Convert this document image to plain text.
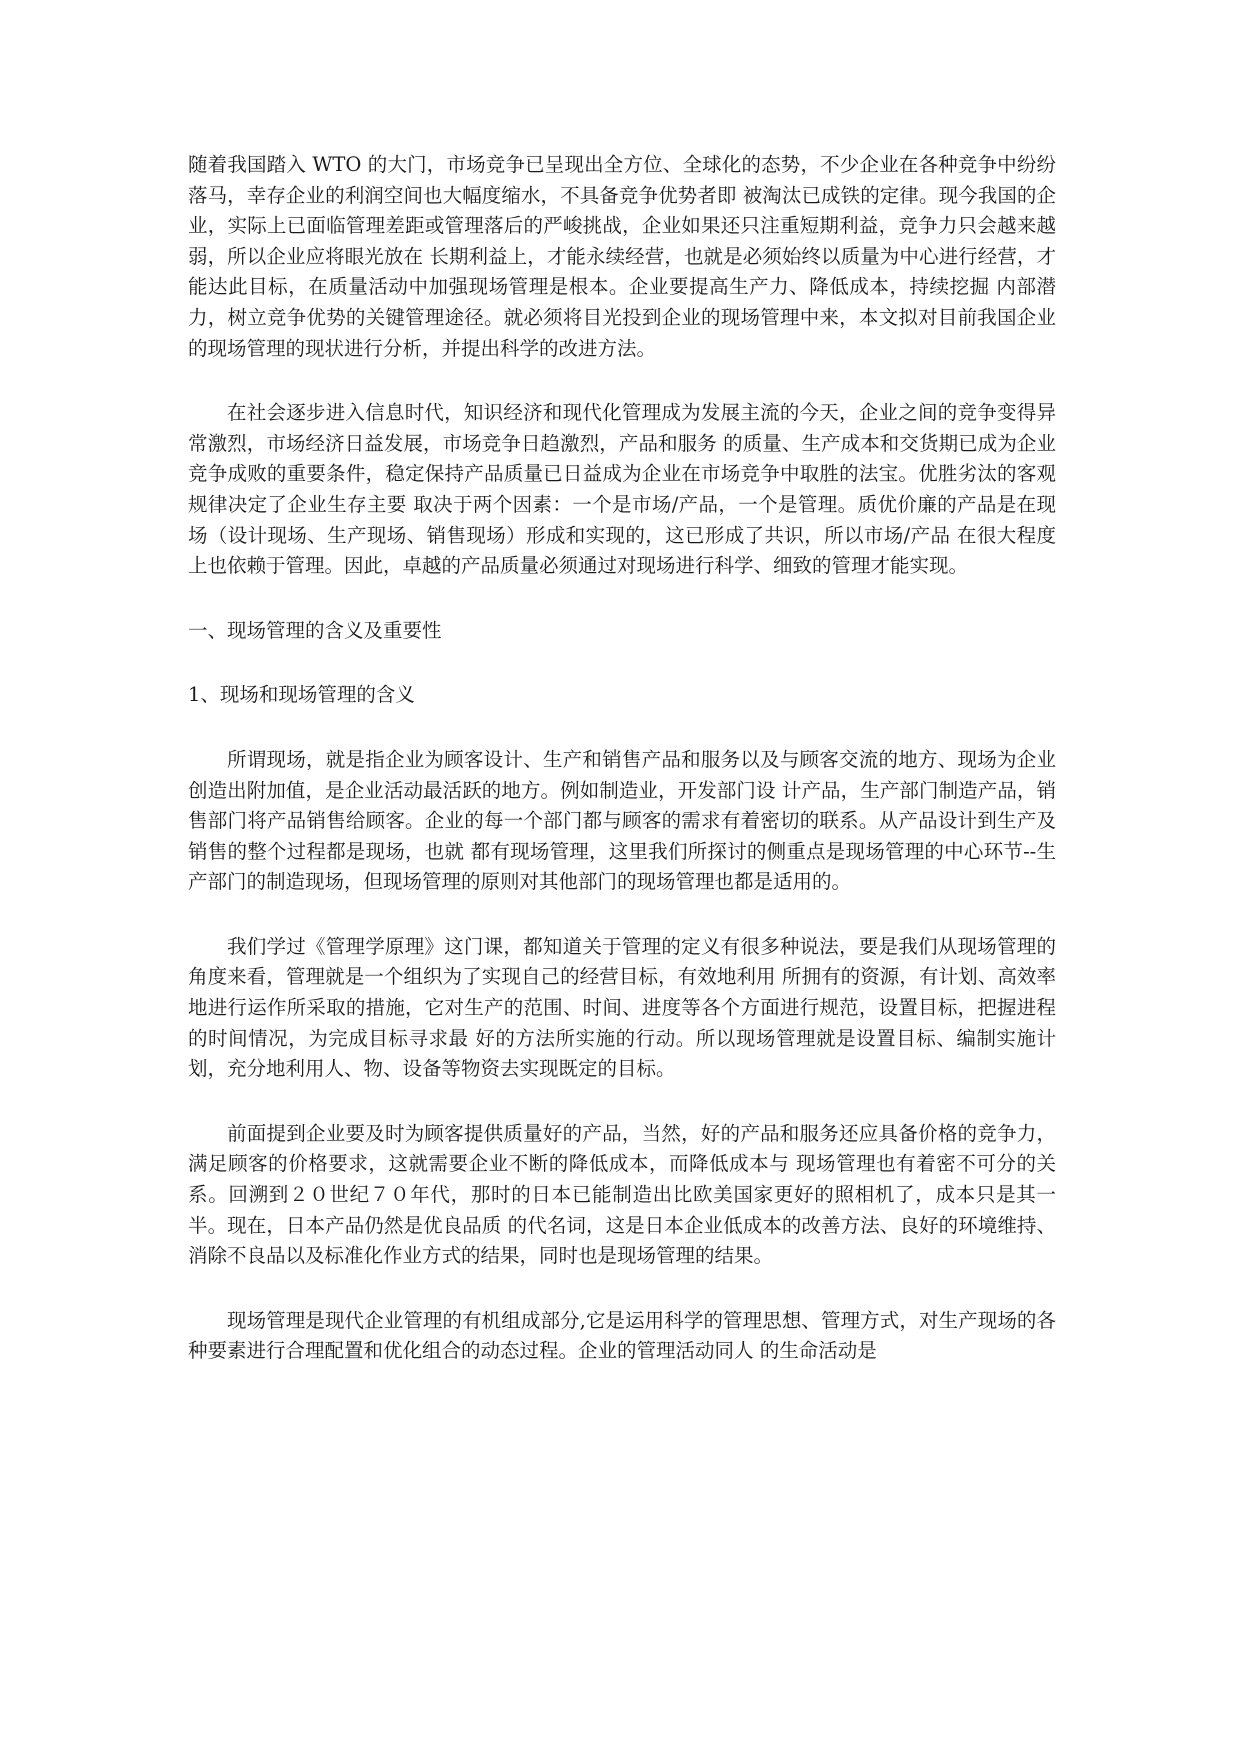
随着我国踏入 WTO 的大门，市场竞争已呈现出全方位、全球化的态势，不少企业在各种竞争中纷纷落马，幸存企业的利润空间也大幅度缩水，不具备竞争优势者即 被淘汰已成铁的定律。现今我国的企业，实际上已面临管理差距或管理落后的严峻挑战，企业如果还只注重短期利益，竞争力只会越来越弱，所以企业应将眼光放在 长期利益上，才能永续经营，也就是必须始终以质量为中心进行经营，才能达此目标，在质量活动中加强现场管理是根本。企业要提高生产力、降低成本，持续挖掘 内部潜力，树立竞争优势的关键管理途径。就必须将目光投到企业的现场管理中来，本文拟对目前我国企业的现场管理的现状进行分析，并提出科学的改进方法。

在社会逐步进入信息时代，知识经济和现代化管理成为发展主流的今天，企业之间的竞争变得异常激烈，市场经济日益发展，市场竞争日趋激烈，产品和服务 的质量、生产成本和交货期已成为企业竞争成败的重要条件，稳定保持产品质量已日益成为企业在市场竞争中取胜的法宝。优胜劣汰的客观规律决定了企业生存主要 取决于两个因素：一个是市场/产品，一个是管理。质优价廉的产品是在现场（设计现场、生产现场、销售现场）形成和实现的，这已形成了共识，所以市场/产品 在很大程度上也依赖于管理。因此，卓越的产品质量必须通过对现场进行科学、细致的管理才能实现。

一、现场管理的含义及重要性

1、现场和现场管理的含义

所谓现场，就是指企业为顾客设计、生产和销售产品和服务以及与顾客交流的地方、现场为企业创造出附加值，是企业活动最活跃的地方。例如制造业，开发部门设 计产品，生产部门制造产品，销售部门将产品销售给顾客。企业的每一个部门都与顾客的需求有着密切的联系。从产品设计到生产及销售的整个过程都是现场，也就 都有现场管理，这里我们所探讨的侧重点是现场管理的中心环节--生产部门的制造现场，但现场管理的原则对其他部门的现场管理也都是适用的。

我们学过《管理学原理》这门课，都知道关于管理的定义有很多种说法，要是我们从现场管理的角度来看，管理就是一个组织为了实现自己的经营目标，有效地利用 所拥有的资源，有计划、高效率地进行运作所采取的措施，它对生产的范围、时间、进度等各个方面进行规范，设置目标，把握进程的时间情况，为完成目标寻求最 好的方法所实施的行动。所以现场管理就是设置目标、编制实施计划，充分地利用人、物、设备等物资去实现既定的目标。

前面提到企业要及时为顾客提供质量好的产品，当然，好的产品和服务还应具备价格的竞争力，满足顾客的价格要求，这就需要企业不断的降低成本，而降低成本与 现场管理也有着密不可分的关系。回溯到２０世纪７０年代，那时的日本已能制造出比欧美国家更好的照相机了，成本只是其一半。现在，日本产品仍然是优良品质 的代名词，这是日本企业低成本的改善方法、良好的环境维持、消除不良品以及标准化作业方式的结果，同时也是现场管理的结果。

现场管理是现代企业管理的有机组成部分,它是运用科学的管理思想、管理方式，对生产现场的各种要素进行合理配置和优化组合的动态过程。企业的管理活动同人 的生命活动是
